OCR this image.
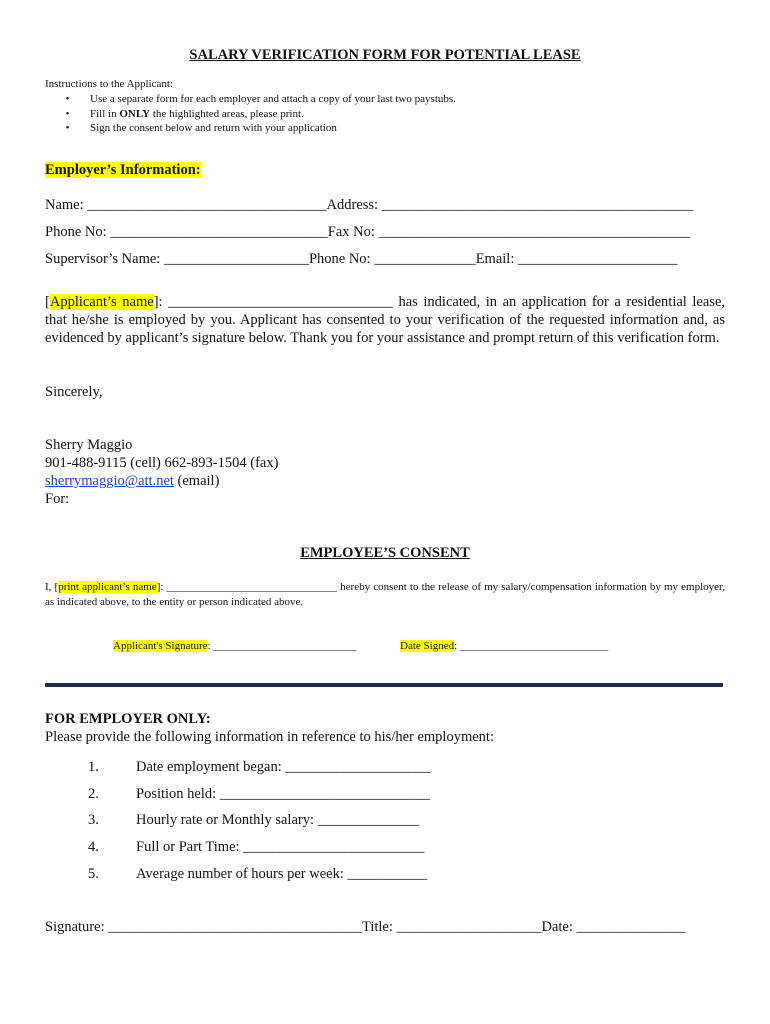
SALARY VERIFICATION FORM FOR POTENTIAL LEASE
Instructions to the Applicant:
• Use a separate form for each employer and attach a copy of your last two paystubs.
• Fill in ONLY the highlighted areas, please print.
• Sign the consent below and return with your application
Employer’s Information:
Name: _________________________________Address: ___________________________________________
Phone No: ______________________________Fax No: ___________________________________________
Supervisor’s Name: ____________________Phone No: ______________Email: ______________________
[Applicant’s name]: _______________________________ has indicated, in an application for a residential lease, that he/she is employed by you. Applicant has consented to your verification of the requested information and, as evidenced by applicant’s signature below. Thank you for your assistance and prompt return of this verification form.
Sincerely,
Sherry Maggio
901-488-9115 (cell) 662-893-1504 (fax)
sherrymaggio@att.net (email)
For:
EMPLOYEE’S CONSENT
I, [print applicant’s name]: _______________________________ hereby consent to the release of my salary/compensation information by my employer, as indicated above, to the entity or person indicated above.
Applicant's Signature: __________________________	Date Signed: ___________________________
FOR EMPLOYER ONLY:
Please provide the following information in reference to his/her employment:
1.	Date employment began: ____________________
2.	Position held: _____________________________
3.	Hourly rate or Monthly salary: ______________
4.	Full or Part Time: _________________________
5.	Average number of hours per week: ___________
Signature: ___________________________________Title: ____________________Date: _______________
